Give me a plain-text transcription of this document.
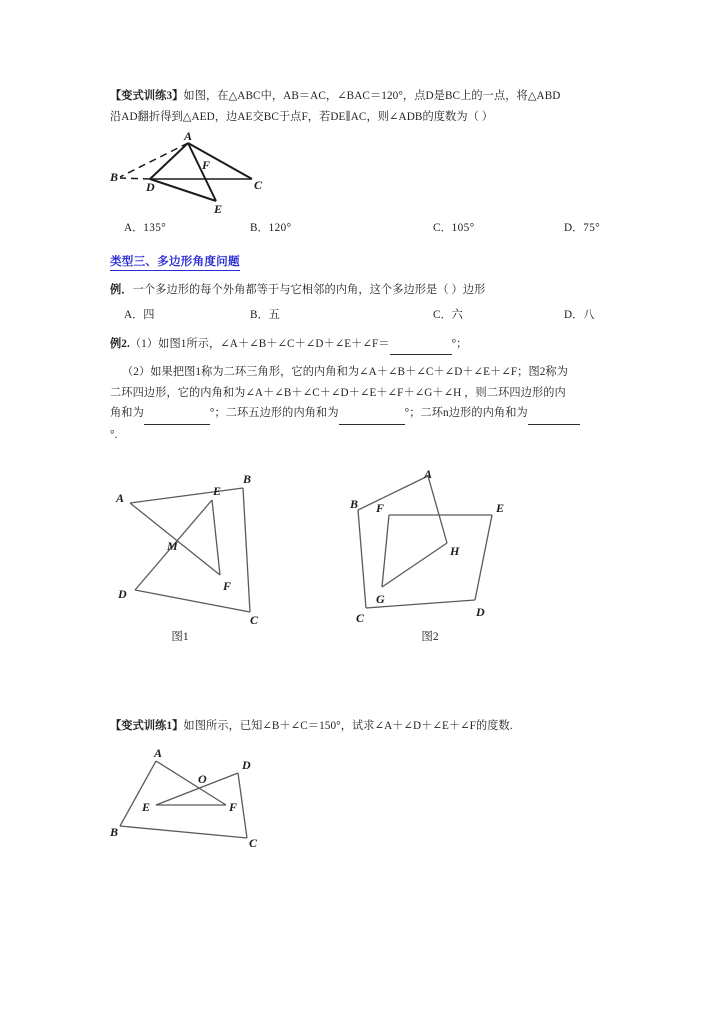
【变式训练3】如图，在△ABC中，AB＝AC，∠BAC＝120°，点D是BC上的一点，将△ABD

沿AD翻折得到△AED，边AE交BC于点F，若DE∥AC，则∠ADB的度数为（ ）

A
B
C
D
E
F
A．135°	B．120°	C．105°	D．75°
类型三、多边形角度问题

例．一个多边形的每个外角都等于与它相邻的内角，这个多边形是（ ）边形

A．四	B．五	C．六	D．八

例2.（1）如图1所示，∠A＋∠B＋∠C＋∠D＋∠E＋∠F＝	°；

（2）如果把图1称为二环三角形，它的内角和为∠A＋∠B＋∠C＋∠D＋∠E＋∠F；图2称为

二环四边形，它的内角和为∠A＋∠B＋∠C＋∠D＋∠E＋∠F＋∠G＋∠H ，则二环四边形的内

角和为	°；二环五边形的内角和为	°；二环n边形的内角和为

°.

A
B
C
D
E
F
M
图1
A
B
C	D
E
F
G
H
图2

【变式训练1】如图所示，已知∠B＋∠C＝150°，试求∠A＋∠D＋∠E＋∠F的度数.

A
B
C
D
E	F
O
